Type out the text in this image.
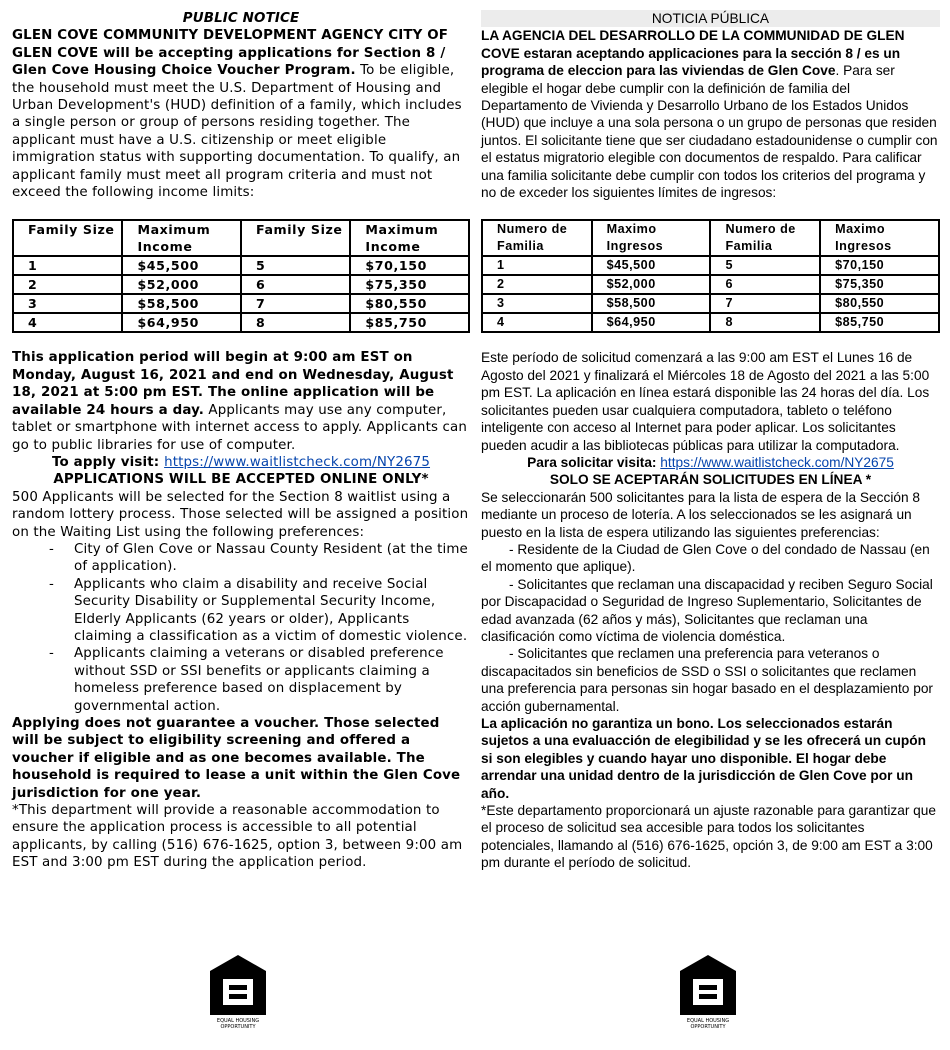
PUBLIC NOTICE

GLEN COVE COMMUNITY DEVELOPMENT AGENCY CITY OF GLEN COVE will be accepting applications for Section 8 / Glen Cove Housing Choice Voucher Program. To be eligible, the household must meet the U.S. Department of Housing and Urban Development's (HUD) definition of a family, which includes a single person or group of persons residing together. The applicant must have a U.S. citizenship or meet eligible immigration status with supporting documentation. To qualify, an applicant family must meet all program criteria and must not exceed the following income limits:

Family Size	Maximum Income	Family Size	Maximum Income
1	$45,500	5	$70,150
2	$52,000	6	$75,350
3	$58,500	7	$80,550
4	$64,950	8	$85,750

This application period will begin at 9:00 am EST on Monday, August 16, 2021 and end on Wednesday, August 18, 2021 at 5:00 pm EST. The online application will be available 24 hours a day. Applicants may use any computer, tablet or smartphone with internet access to apply. Applicants can go to public libraries for use of computer.

To apply visit: https://www.waitlistcheck.com/NY2675

APPLICATIONS WILL BE ACCEPTED ONLINE ONLY*

500 Applicants will be selected for the Section 8 waitlist using a random lottery process. Those selected will be assigned a position on the Waiting List using the following preferences:

- City of Glen Cove or Nassau County Resident (at the time of application).
- Applicants who claim a disability and receive Social Security Disability or Supplemental Security Income, Elderly Applicants (62 years or older), Applicants claiming a classification as a victim of domestic violence.
- Applicants claiming a veterans or disabled preference without SSD or SSI benefits or applicants claiming a homeless preference based on displacement by governmental action.

Applying does not guarantee a voucher. Those selected will be subject to eligibility screening and offered a voucher if eligible and as one becomes available. The household is required to lease a unit within the Glen Cove jurisdiction for one year.

*This department will provide a reasonable accommodation to ensure the application process is accessible to all potential applicants, by calling (516) 676-1625, option 3, between 9:00 am EST and 3:00 pm EST during the application period.

NOTICIA PÚBLICA

LA AGENCIA DEL DESARROLLO DE LA COMMUNIDAD DE GLEN COVE estaran aceptando applicaciones para la sección 8 / es un programa de eleccion para las viviendas de Glen Cove. Para ser elegible el hogar debe cumplir con la definición de familia del Departamento de Vivienda y Desarrollo Urbano de los Estados Unidos (HUD) que incluye a una sola persona o un grupo de personas que residen juntos. El solicitante tiene que ser ciudadano estadounidense o cumplir con el estatus migratorio elegible con documentos de respaldo. Para calificar una familia solicitante debe cumplir con todos los criterios del programa y no de exceder los siguientes límites de ingresos:

Numero de Familia	Maximo Ingresos	Numero de Familia	Maximo Ingresos
1	$45,500	5	$70,150
2	$52,000	6	$75,350
3	$58,500	7	$80,550
4	$64,950	8	$85,750

Este período de solicitud comenzará a las 9:00 am EST el Lunes 16 de Agosto del 2021 y finalizará el Miércoles 18 de Agosto del 2021 a las 5:00 pm EST. La aplicación en línea estará disponible las 24 horas del día. Los solicitantes pueden usar cualquiera computadora, tableto o teléfono inteligente con acceso al Internet para poder aplicar. Los solicitantes pueden acudir a las bibliotecas públicas para utilizar la computadora.

Para solicitar visita: https://www.waitlistcheck.com/NY2675

SOLO SE ACEPTARÁN SOLICITUDES EN LÍNEA *

Se seleccionarán 500 solicitantes para la lista de espera de la Sección 8 mediante un proceso de lotería. A los seleccionados se les asignará un puesto en la lista de espera utilizando las siguientes preferencias:

- Residente de la Ciudad de Glen Cove o del condado de Nassau (en el momento que aplique).

- Solicitantes que reclaman una discapacidad y reciben Seguro Social por Discapacidad o Seguridad de Ingreso Suplementario, Solicitantes de edad avanzada (62 años y más), Solicitantes que reclaman una clasificación como víctima de violencia doméstica.

- Solicitantes que reclamen una preferencia para veteranos o discapacitados sin beneficios de SSD o SSI o solicitantes que reclamen una preferencia para personas sin hogar basado en el desplazamiento por acción gubernamental.

La aplicación no garantiza un bono. Los seleccionados estarán sujetos a una evaluacción de elegibilidad y se les ofrecerá un cupón si son elegibles y cuando hayar uno disponible. El hogar debe arrendar una unidad dentro de la jurisdicción de Glen Cove por un año.

*Este departamento proporcionará un ajuste razonable para garantizar que el proceso de solicitud sea accesible para todos los solicitantes potenciales, llamando al (516) 676-1625, opción 3, de 9:00 am EST a 3:00 pm durante el período de solicitud.

EQUAL HOUSING
OPPORTUNITY
EQUAL HOUSING
OPPORTUNITY
